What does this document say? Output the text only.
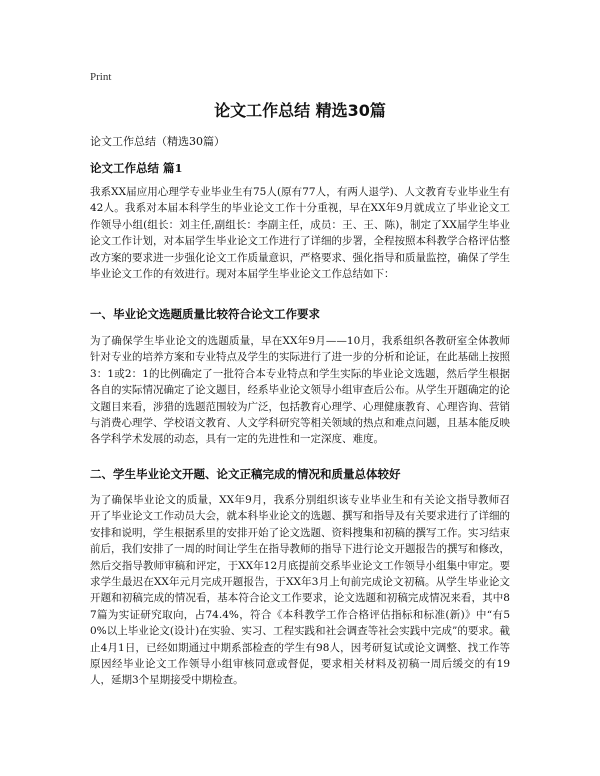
Print
论文工作总结 精选30篇
论文工作总结（精选30篇）
论文工作总结 篇1
我系XX届应用心理学专业毕业生有75人(原有77人，有两人退学)、人文教育专业毕业生有42人。我系对本届本科学生的毕业论文工作十分重视，早在XX年9月就成立了毕业论文工作领导小组(组长：刘主任,副组长：李副主任，成员：王、王、陈)，制定了XX届学生毕业论文工作计划，对本届学生毕业论文工作进行了详细的步署，全程按照本科教学合格评估整改方案的要求进一步强化论文工作质量意识，严格要求、强化指导和质量监控，确保了学生毕业论文工作的有效进行。现对本届学生毕业论文工作总结如下：
一、毕业论文选题质量比较符合论文工作要求
为了确保学生毕业论文的选题质量，早在XX年9月——10月，我系组织各教研室全体教师针对专业的培养方案和专业特点及学生的实际进行了进一步的分析和论证，在此基础上按照3：1或2：1的比例确定了一批符合本专业特点和学生实际的毕业论文选题，然后学生根据各自的实际情况确定了论文题目，经系毕业论文领导小组审查后公布。从学生开题确定的论文题目来看，涉猎的选题范围较为广泛，包括教育心理学、心理健康教育、心理咨询、营销与消费心理学、学校语文教育、人文学科研究等相关领域的热点和难点问题，且基本能反映各学科学术发展的动态，具有一定的先进性和一定深度、难度。
二、学生毕业论文开题、论文正稿完成的情况和质量总体较好
为了确保毕业论文的质量，XX年9月，我系分别组织该专业毕业生和有关论文指导教师召开了毕业论文工作动员大会，就本科毕业论文的选题、撰写和指导及有关要求进行了详细的安排和说明，学生根据系里的安排开始了论文选题、资料搜集和初稿的撰写工作。实习结束前后，我们安排了一周的时间让学生在指导教师的指导下进行论文开题报告的撰写和修改，然后交指导教师审稿和评定，于XX年12月底提前交系毕业论文工作领导小组集中审定。要求学生最迟在XX年元月完成开题报告，于XX年3月上旬前完成论文初稿。从学生毕业论文开题和初稿完成的情况看，基本符合论文工作要求，论文选题和初稿完成情况来看，其中87篇为实证研究取向，占74.4%，符合《本科教学工作合格评估指标和标准(新)》中“有50%以上毕业论文(设计)在实验、实习、工程实践和社会调查等社会实践中完成”的要求。截止4月1日，已经如期通过中期系部检查的学生有98人，因考研复试或论文调整、找工作等原因经毕业论文工作领导小组审核同意或督促，要求相关材料及初稿一周后缓交的有19人，延期3个星期接受中期检查。
